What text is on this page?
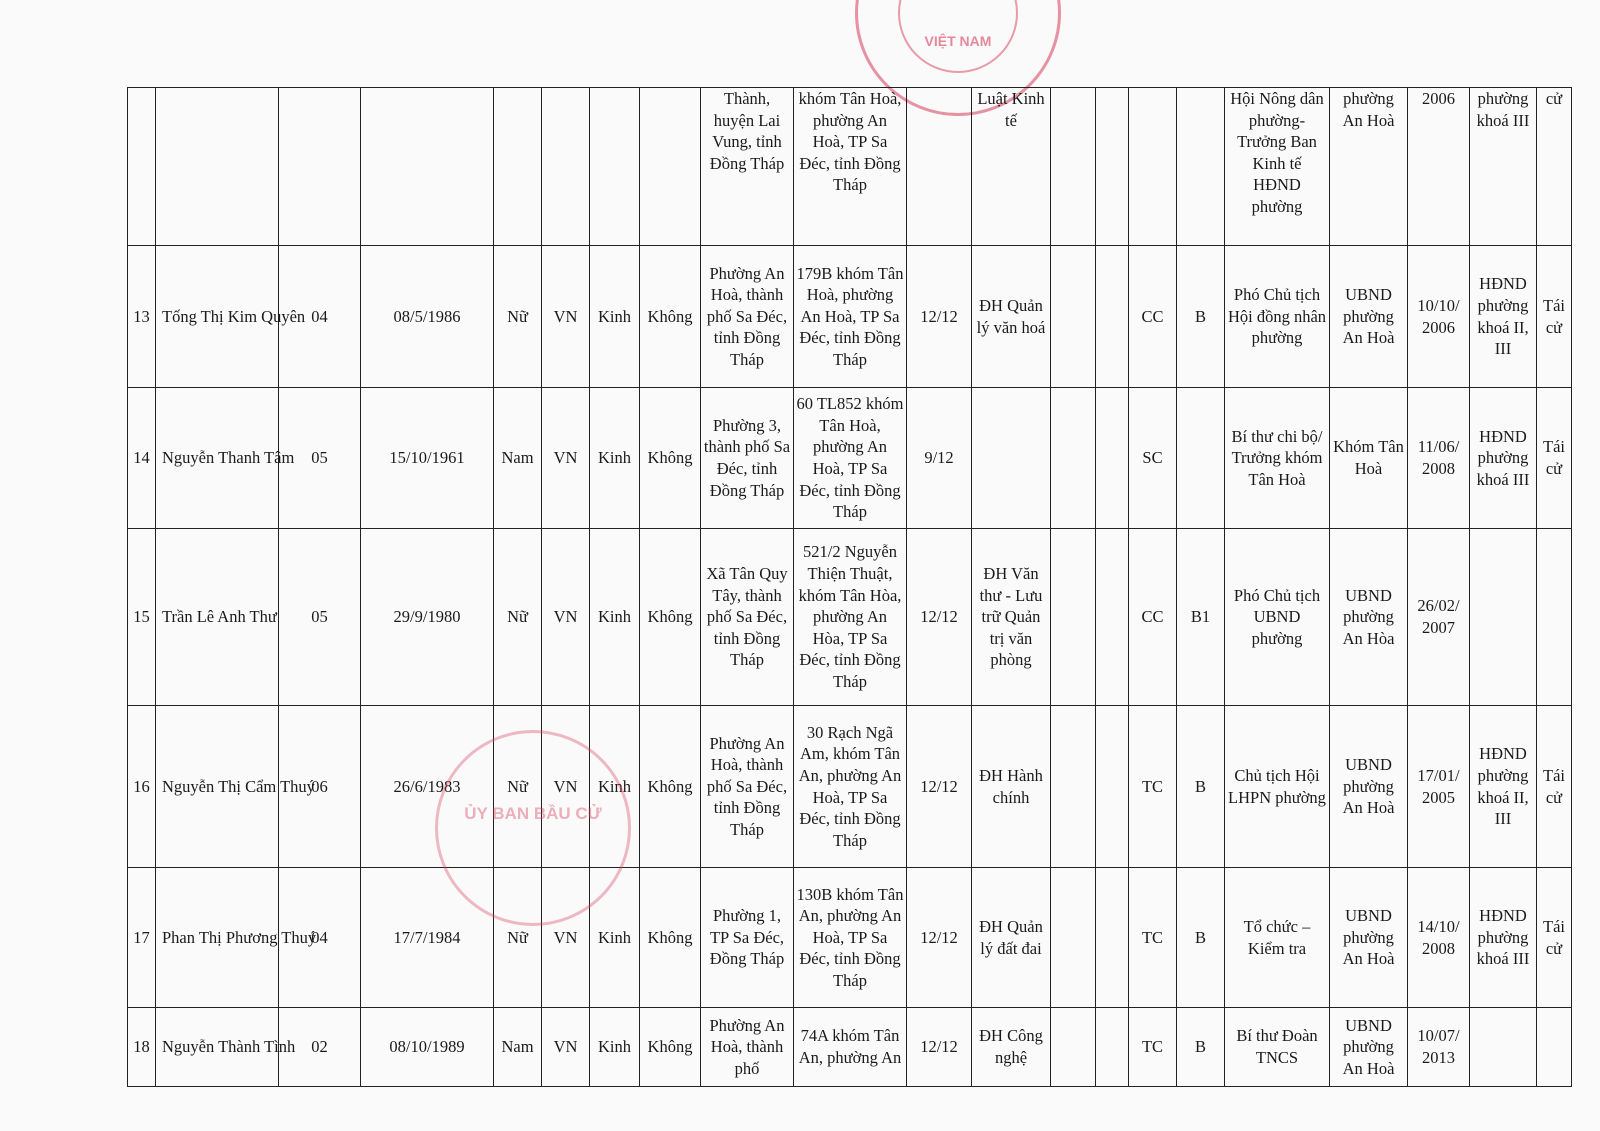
VIỆT NAM
								Thành, huyện Lai Vung, tỉnh Đồng Tháp	khóm Tân Hoà, phường An Hoà, TP Sa Đéc, tỉnh Đồng Tháp		Luật Kinh tế					Hội Nông dân phường- Trưởng Ban Kinh tế HĐND phường	phường An Hoà	2006	phường khoá III	cử
13	Tống Thị Kim Quyên	04	08/5/1986	Nữ	VN	Kinh	Không	Phường An Hoà, thành phố Sa Đéc, tỉnh Đồng Tháp	179B khóm Tân Hoà, phường An Hoà, TP Sa Đéc, tỉnh Đồng Tháp	12/12	ĐH Quản lý văn hoá			CC	B	Phó Chủ tịch Hội đồng nhân phường	UBND phường An Hoà	10/10/ 2006	HĐND phường khoá II, III	Tái cử
14	Nguyễn Thanh Tâm	05	15/10/1961	Nam	VN	Kinh	Không	Phường 3, thành phố Sa Đéc, tỉnh Đồng Tháp	60 TL852 khóm Tân Hoà, phường An Hoà, TP Sa Đéc, tỉnh Đồng Tháp	9/12				SC		Bí thư chi bộ/ Trưởng khóm Tân Hoà	Khóm Tân Hoà	11/06/ 2008	HĐND phường khoá III	Tái cử
15	Trần Lê Anh Thư	05	29/9/1980	Nữ	VN	Kinh	Không	Xã Tân Quy Tây, thành phố Sa Đéc, tỉnh Đồng Tháp	521/2 Nguyễn Thiện Thuật, khóm Tân Hòa, phường An Hòa, TP Sa Đéc, tỉnh Đồng Tháp	12/12	ĐH Văn thư - Lưu trữ Quản trị văn phòng			CC	B1	Phó Chủ tịch UBND phường	UBND phường An Hòa	26/02/ 2007		
16	Nguyễn Thị Cẩm Thuý	06	26/6/1983	Nữ	VN	Kinh	Không	Phường An Hoà, thành phố Sa Đéc, tỉnh Đồng Tháp	30 Rạch Ngã Am, khóm Tân An, phường An Hoà, TP Sa Đéc, tỉnh Đồng Tháp	12/12	ĐH Hành chính			TC	B	Chủ tịch Hội LHPN phường	UBND phường An Hoà	17/01/ 2005	HĐND phường khoá II, III	Tái cử
17	Phan Thị Phương Thuý	04	17/7/1984	Nữ	VN	Kinh	Không	Phường 1, TP Sa Đéc, Đồng Tháp	130B khóm Tân An, phường An Hoà, TP Sa Đéc, tỉnh Đồng Tháp	12/12	ĐH Quản lý đất đai			TC	B	Tổ chức – Kiểm tra	UBND phường An Hoà	14/10/ 2008	HĐND phường khoá III	Tái cử
18	Nguyễn Thành Tình	02	08/10/1989	Nam	VN	Kinh	Không	Phường An Hoà, thành phố	74A khóm Tân An, phường An	12/12	ĐH Công nghệ			TC	B	Bí thư Đoàn TNCS	UBND phường An Hoà	10/07/ 2013		
ỦY BAN BẦU CỬ
